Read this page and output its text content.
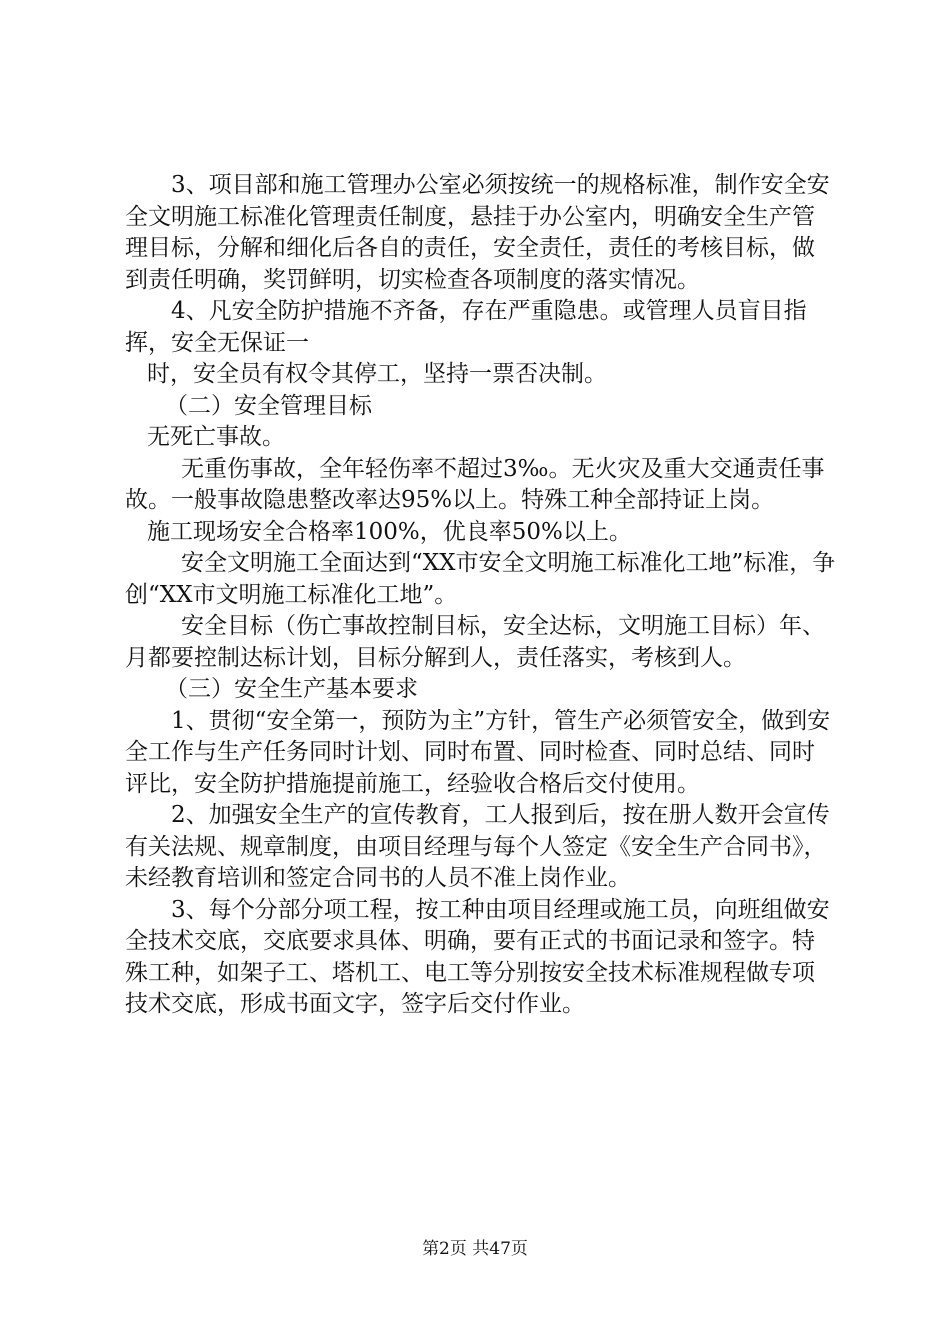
3、项目部和施工管理办公室必须按统一的规格标准，制作安全安全文明施工标准化管理责任制度，悬挂于办公室内，明确安全生产管理目标，分解和细化后各自的责任，安全责任，责任的考核目标，做到责任明确，奖罚鲜明，切实检查各项制度的落实情况。

4、凡安全防护措施不齐备，存在严重隐患。或管理人员盲目指挥，安全无保证一

时，安全员有权令其停工，坚持一票否决制。

（二）安全管理目标

无死亡事故。

无重伤事故，全年轻伤率不超过3‰。无火灾及重大交通责任事故。一般事故隐患整改率达95%以上。特殊工种全部持证上岗。

施工现场安全合格率100%，优良率50%以上。

安全文明施工全面达到“XX市安全文明施工标准化工地”标准，争创“XX市文明施工标准化工地”。

安全目标（伤亡事故控制目标，安全达标，文明施工目标）年、月都要控制达标计划，目标分解到人，责任落实，考核到人。

（三）安全生产基本要求

1、贯彻“安全第一，预防为主”方针，管生产必须管安全，做到安全工作与生产任务同时计划、同时布置、同时检查、同时总结、同时评比，安全防护措施提前施工，经验收合格后交付使用。

2、加强安全生产的宣传教育，工人报到后，按在册人数开会宣传有关法规、规章制度，由项目经理与每个人签定《安全生产合同书》，未经教育培训和签定合同书的人员不准上岗作业。

3、每个分部分项工程，按工种由项目经理或施工员，向班组做安全技术交底，交底要求具体、明确，要有正式的书面记录和签字。特殊工种，如架子工、塔机工、电工等分别按安全技术标准规程做专项技术交底，形成书面文字，签字后交付作业。

第2页 共47页
